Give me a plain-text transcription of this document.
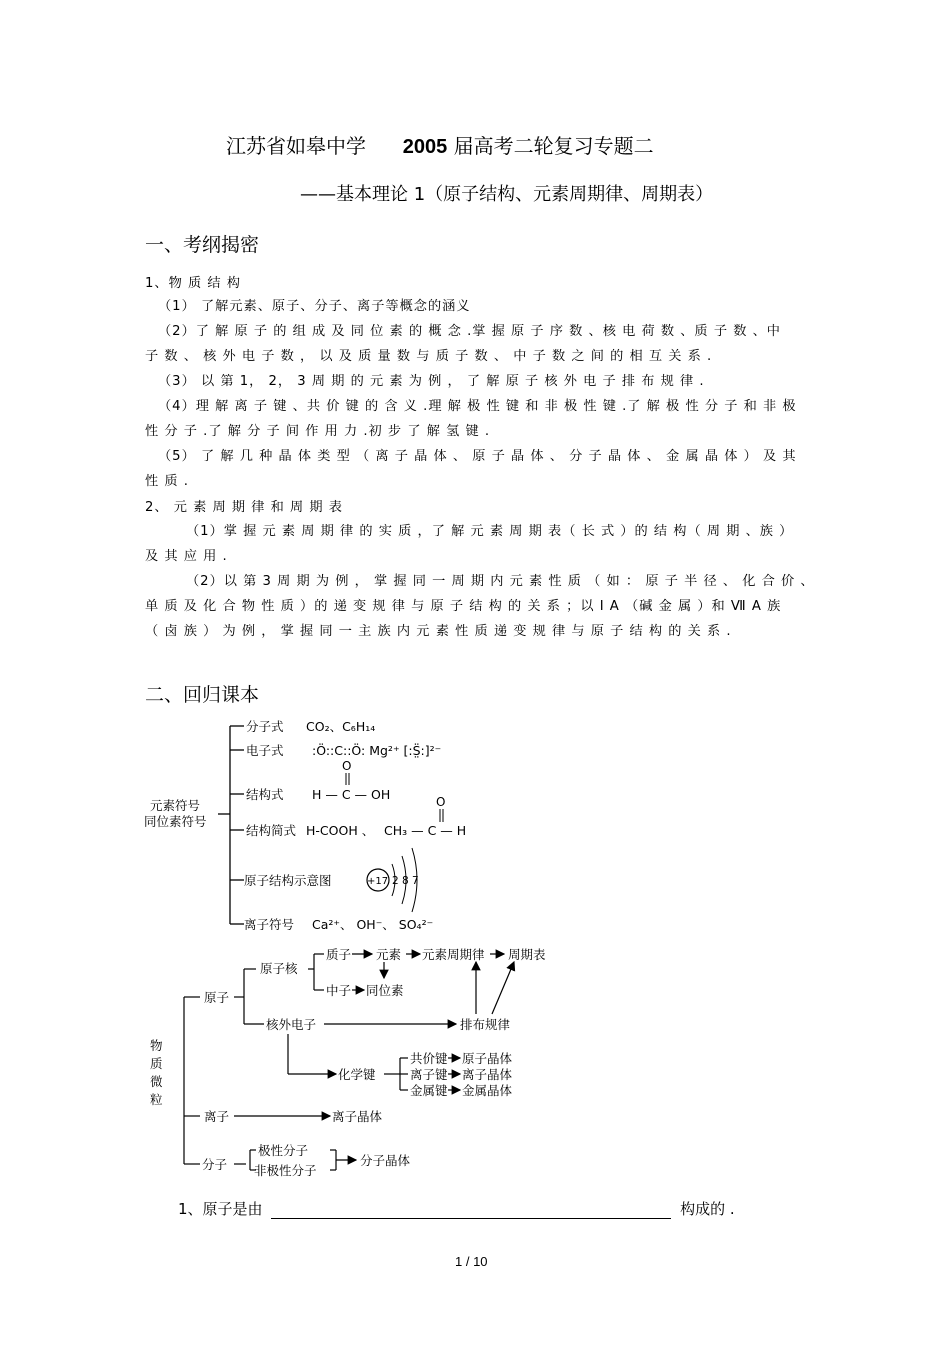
江苏省如皋中学 2005 届高考二轮复习专题二
——基本理论 1（原子结构、元素周期律、周期表）
一、考纲揭密
1、物 质 结 构
（1） 了解元素、原子、分子、离子等概念的涵义
（2）了 解 原 子 的 组 成 及 同 位 素 的 概 念 .掌 握 原 子 序 数 、核 电 荷 数 、质 子 数 、中
子 数 、 核 外 电 子 数 ， 以 及 质 量 数 与 质 子 数 、 中 子 数 之 间 的 相 互 关 系 .
（3） 以 第 1， 2， 3 周 期 的 元 素 为 例 ， 了 解 原 子 核 外 电 子 排 布 规 律 .
（4）理 解 离 子 键 、共 价 键 的 含 义 .理 解 极 性 键 和 非 极 性 键 .了 解 极 性 分 子 和 非 极
性 分 子 .了 解 分 子 间 作 用 力 .初 步 了 解 氢 键 .
（5） 了 解 几 种 晶 体 类 型 （ 离 子 晶 体 、 原 子 晶 体 、 分 子 晶 体 、 金 属 晶 体 ） 及 其
性 质 .
2、 元 素 周 期 律 和 周 期 表
（1）掌 握 元 素 周 期 律 的 实 质 ，了 解 元 素 周 期 表（ 长 式 ）的 结 构（ 周 期 、族 ）
及 其 应 用 .
（2）以 第 3 周 期 为 例 ， 掌 握 同 一 周 期 内 元 素 性 质 （ 如 ： 原 子 半 径 、 化 合 价 、
单 质 及 化 合 物 性 质 ）的 递 变 规 律 与 原 子 结 构 的 关 系 ；以 I A （碱 金 属 ）和 Ⅶ A 族
（ 卤 族 ） 为 例 ， 掌 握 同 一 主 族 内 元 素 性 质 递 变 规 律 与 原 子 结 构 的 关 系 .
二、回归课本
元素符号
同位素符号
分子式
电子式
结构式
结构简式
原子结构示意图
离子符号
CO₂、C₆H₁₄
:Ö::C::Ö: Mg²⁺ [:S̤̈:]²⁻
O
H — C — OH
H-COOH 、
O
CH₃ — C — H
+17 2 8 7
Ca²⁺、 OH⁻、 SO₄²⁻
物
质
微
粒
原子
原子核
质子 元素 元素周期律 周期表
中子 同位素
核外电子	排布规律
化学键
共价键 原子晶体
离子键 离子晶体
金属键 金属晶体
离子	离子晶体
分子
极性分子
非极性分子
分子晶体
1、原子是由	构成的 .
1 / 10
